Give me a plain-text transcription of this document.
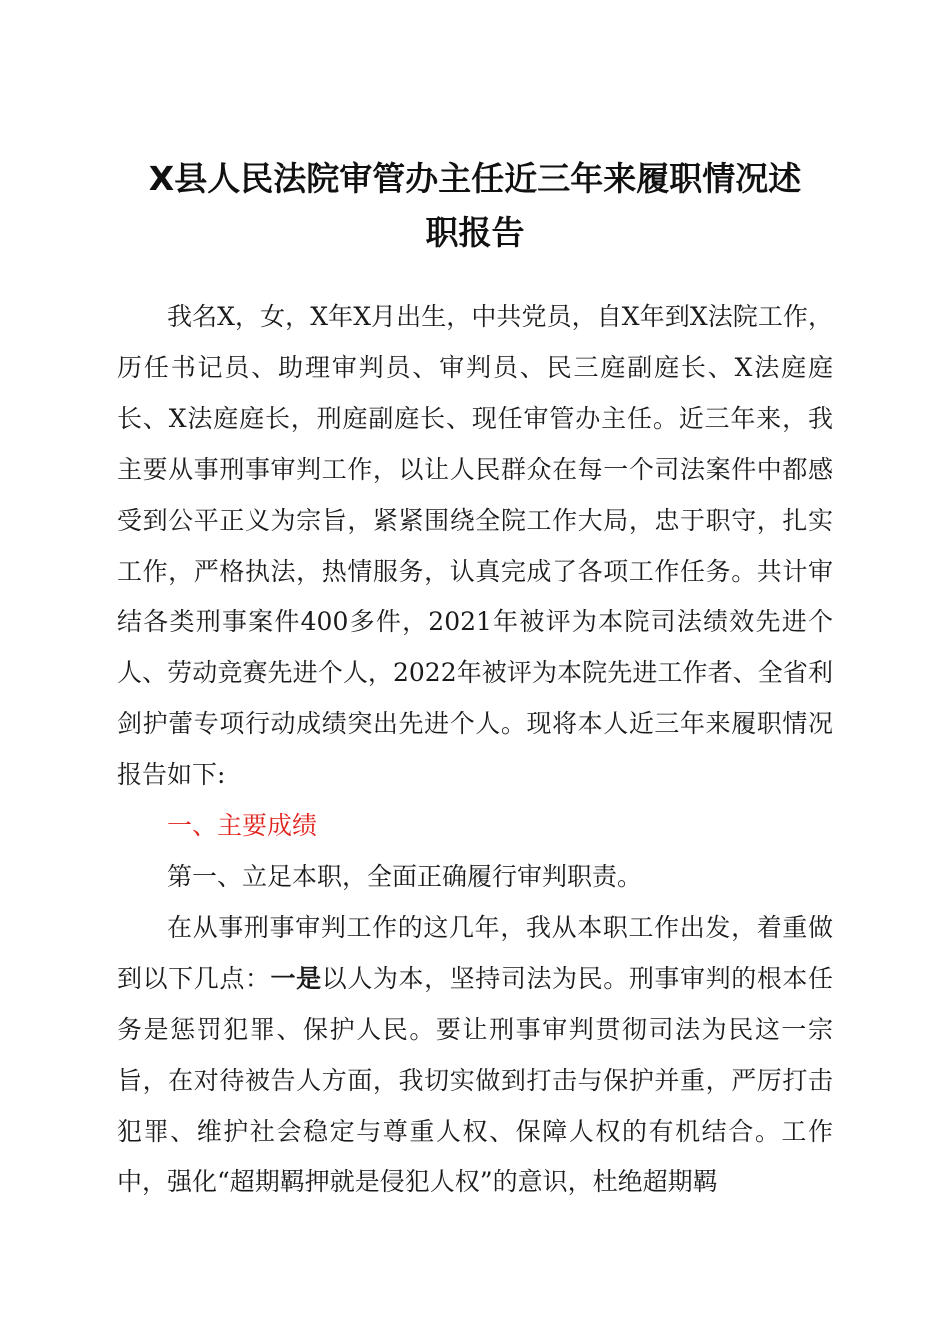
X县人民法院审管办主任近三年来履职情况述
职报告

我名X，女，X年X月出生，中共党员，自X年到X法院工作，历任书记员、助理审判员、审判员、民三庭副庭长、X法庭庭长、X法庭庭长，刑庭副庭长、现任审管办主任。近三年来，我主要从事刑事审判工作，以让人民群众在每一个司法案件中都感受到公平正义为宗旨，紧紧围绕全院工作大局，忠于职守，扎实工作，严格执法，热情服务，认真完成了各项工作任务。共计审结各类刑事案件400多件，2021年被评为本院司法绩效先进个人、劳动竞赛先进个人，2022年被评为本院先进工作者、全省利剑护蕾专项行动成绩突出先进个人。现将本人近三年来履职情况报告如下:

一、主要成绩

第一、立足本职，全面正确履行审判职责。

在从事刑事审判工作的这几年，我从本职工作出发，着重做到以下几点：一是以人为本，坚持司法为民。刑事审判的根本任务是惩罚犯罪、保护人民。要让刑事审判贯彻司法为民这一宗旨，在对待被告人方面，我切实做到打击与保护并重，严厉打击犯罪、维护社会稳定与尊重人权、保障人权的有机结合。工作中，强化“超期羁押就是侵犯人权”的意识，杜绝超期羁
